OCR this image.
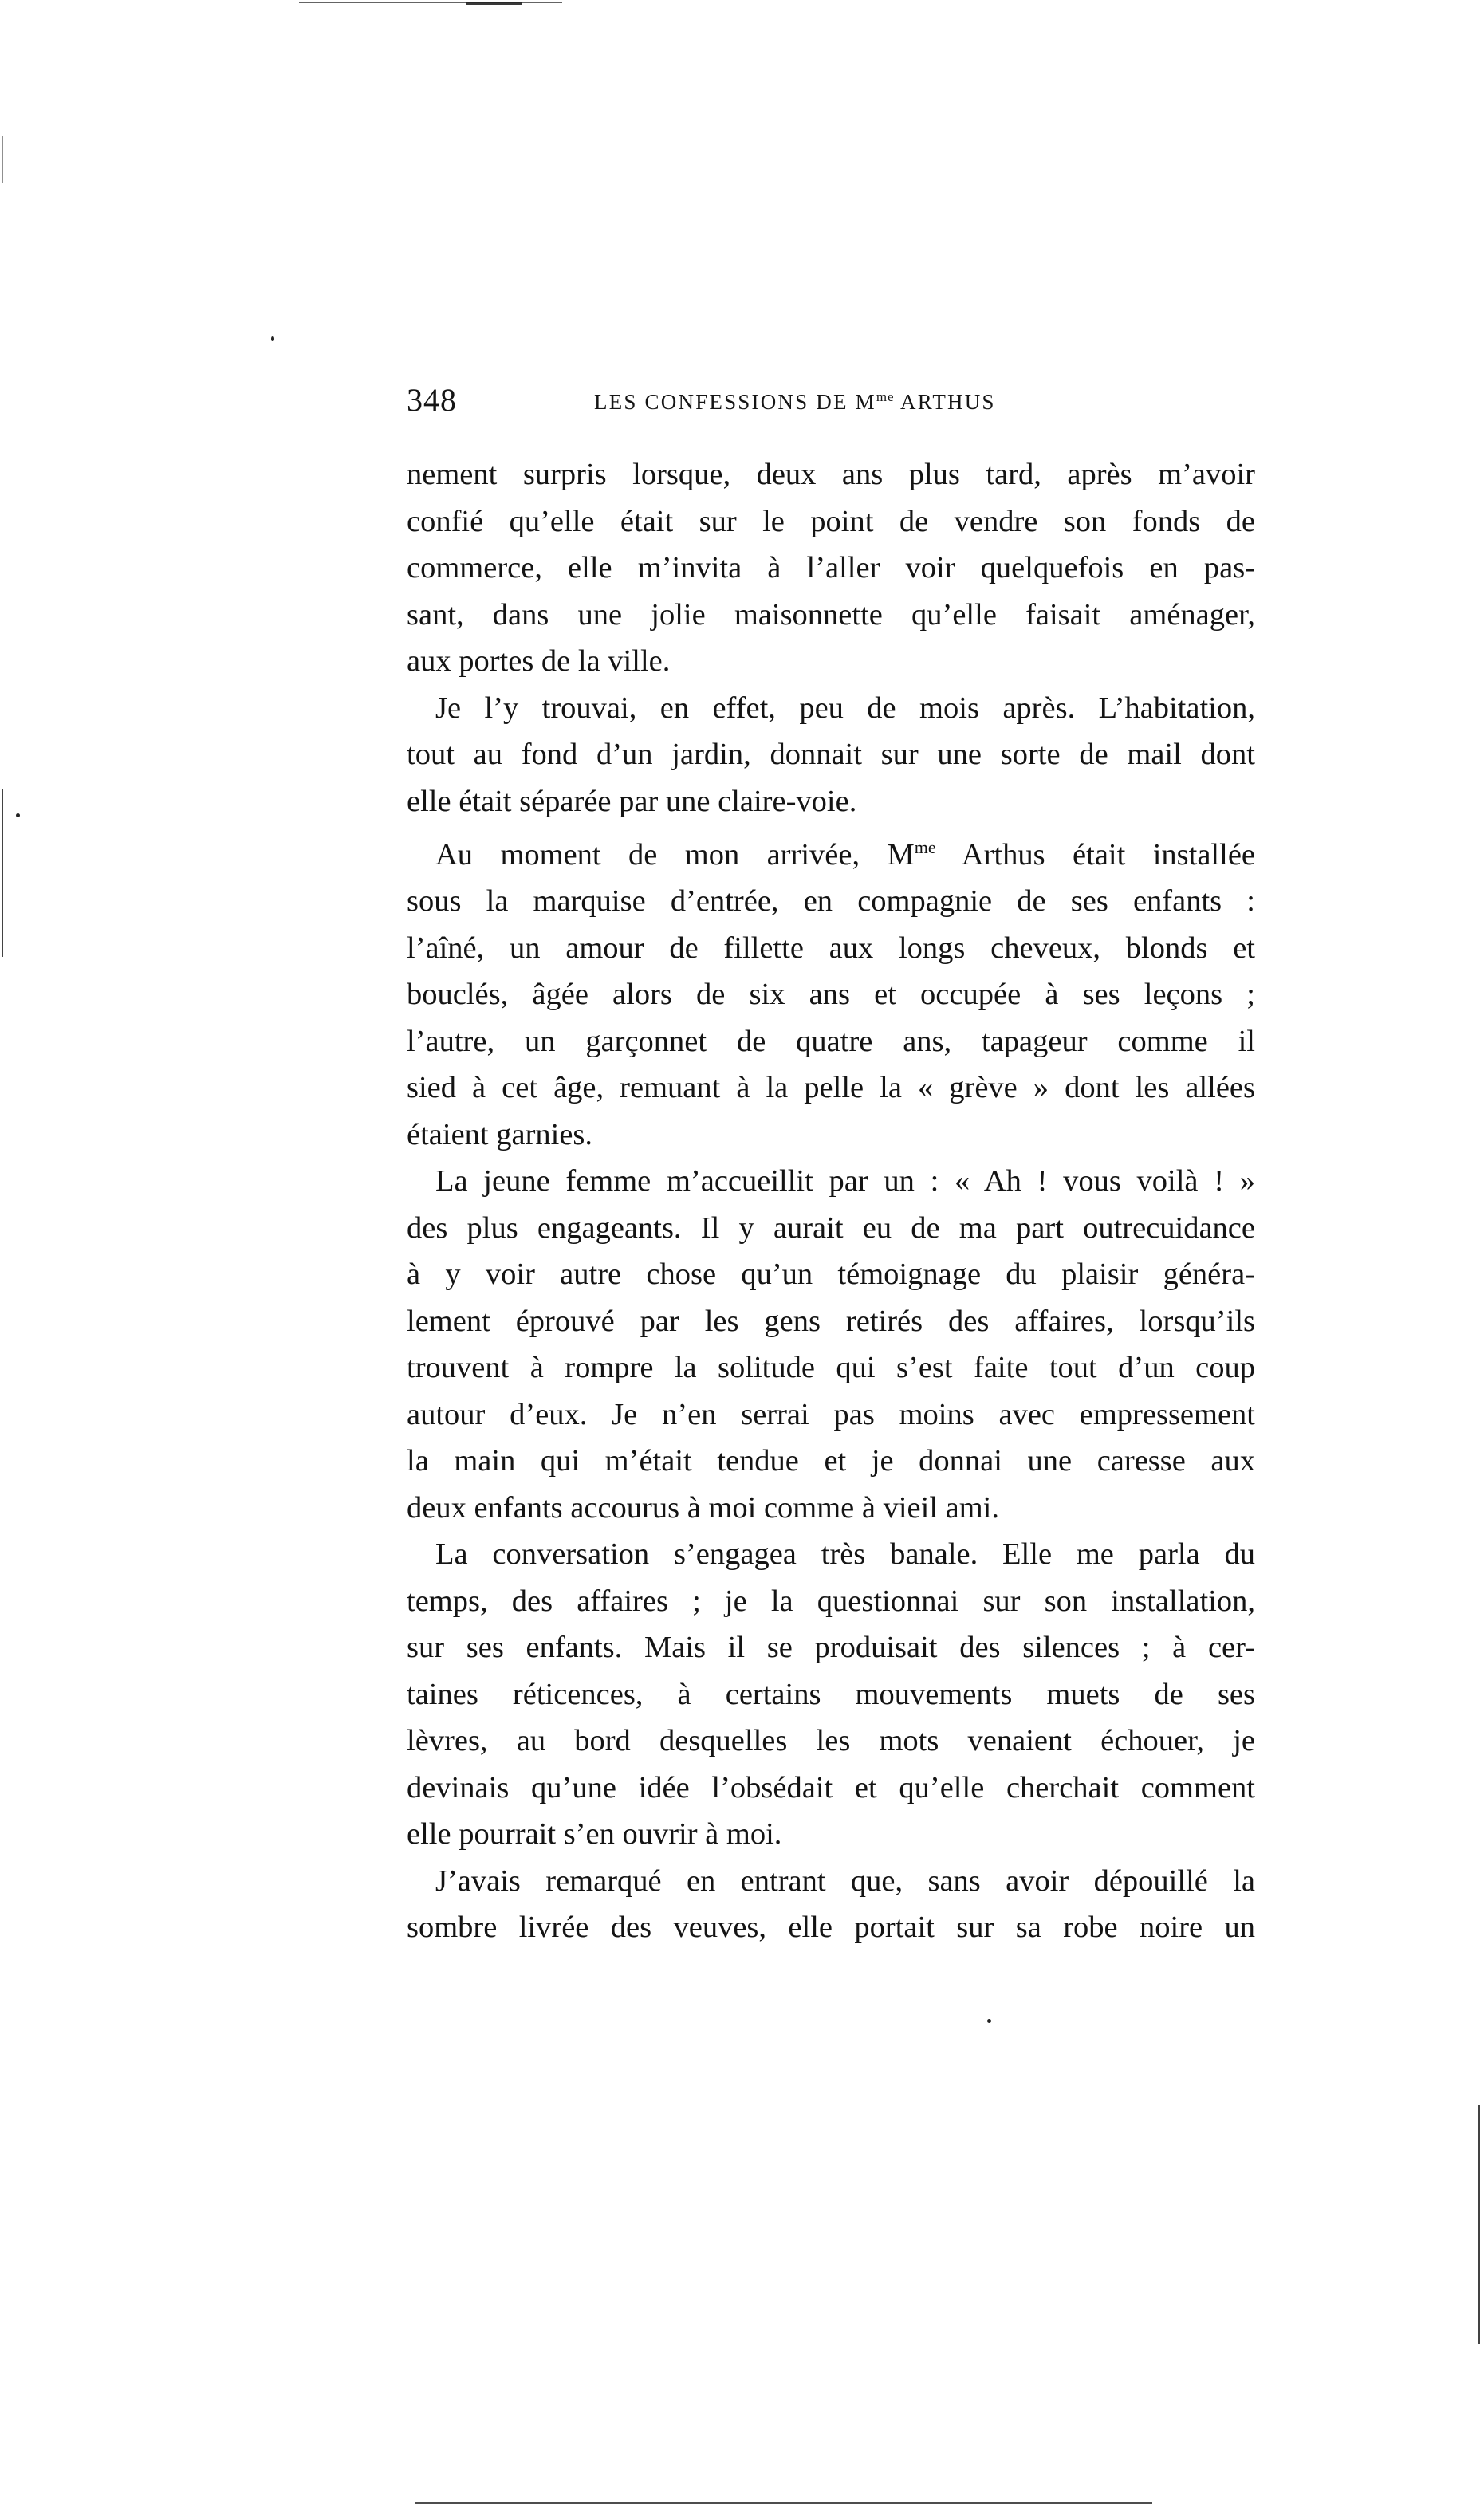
348	LES CONFESSIONS DE $M^{me}$ ARTHUS
nement surpris lorsque, deux ans plus tard, après m’avoir
confié qu’elle était sur le point de vendre son fonds de
commerce, elle m’invita à l’aller voir quelquefois en pas-
sant, dans une jolie maisonnette qu’elle faisait aménager,
aux portes de la ville.
Je l’y trouvai, en effet, peu de mois après. L’habitation,
tout au fond d’un jardin, donnait sur une sorte de mail dont
elle était séparée par une claire-voie.
Au moment de mon arrivée, $M^{me}$ Arthus était installée
sous la marquise d’entrée, en compagnie de ses enfants :
l’aîné, un amour de fillette aux longs cheveux, blonds et
bouclés, âgée alors de six ans et occupée à ses leçons ;
l’autre, un garçonnet de quatre ans, tapageur comme il
sied à cet âge, remuant à la pelle la « grève » dont les allées
étaient garnies.
La jeune femme m’accueillit par un : « Ah ! vous voilà ! »
des plus engageants. Il y aurait eu de ma part outrecuidance
à y voir autre chose qu’un témoignage du plaisir généra-
lement éprouvé par les gens retirés des affaires, lorsqu’ils
trouvent à rompre la solitude qui s’est faite tout d’un coup
autour d’eux. Je n’en serrai pas moins avec empressement
la main qui m’était tendue et je donnai une caresse aux
deux enfants accourus à moi comme à vieil ami.
La conversation s’engagea très banale. Elle me parla du
temps, des affaires ; je la questionnai sur son installation,
sur ses enfants. Mais il se produisait des silences ; à cer-
taines réticences, à certains mouvements muets de ses
lèvres, au bord desquelles les mots venaient échouer, je
devinais qu’une idée l’obsédait et qu’elle cherchait comment
elle pourrait s’en ouvrir à moi.
J’avais remarqué en entrant que, sans avoir dépouillé la
sombre livrée des veuves, elle portait sur sa robe noire un
